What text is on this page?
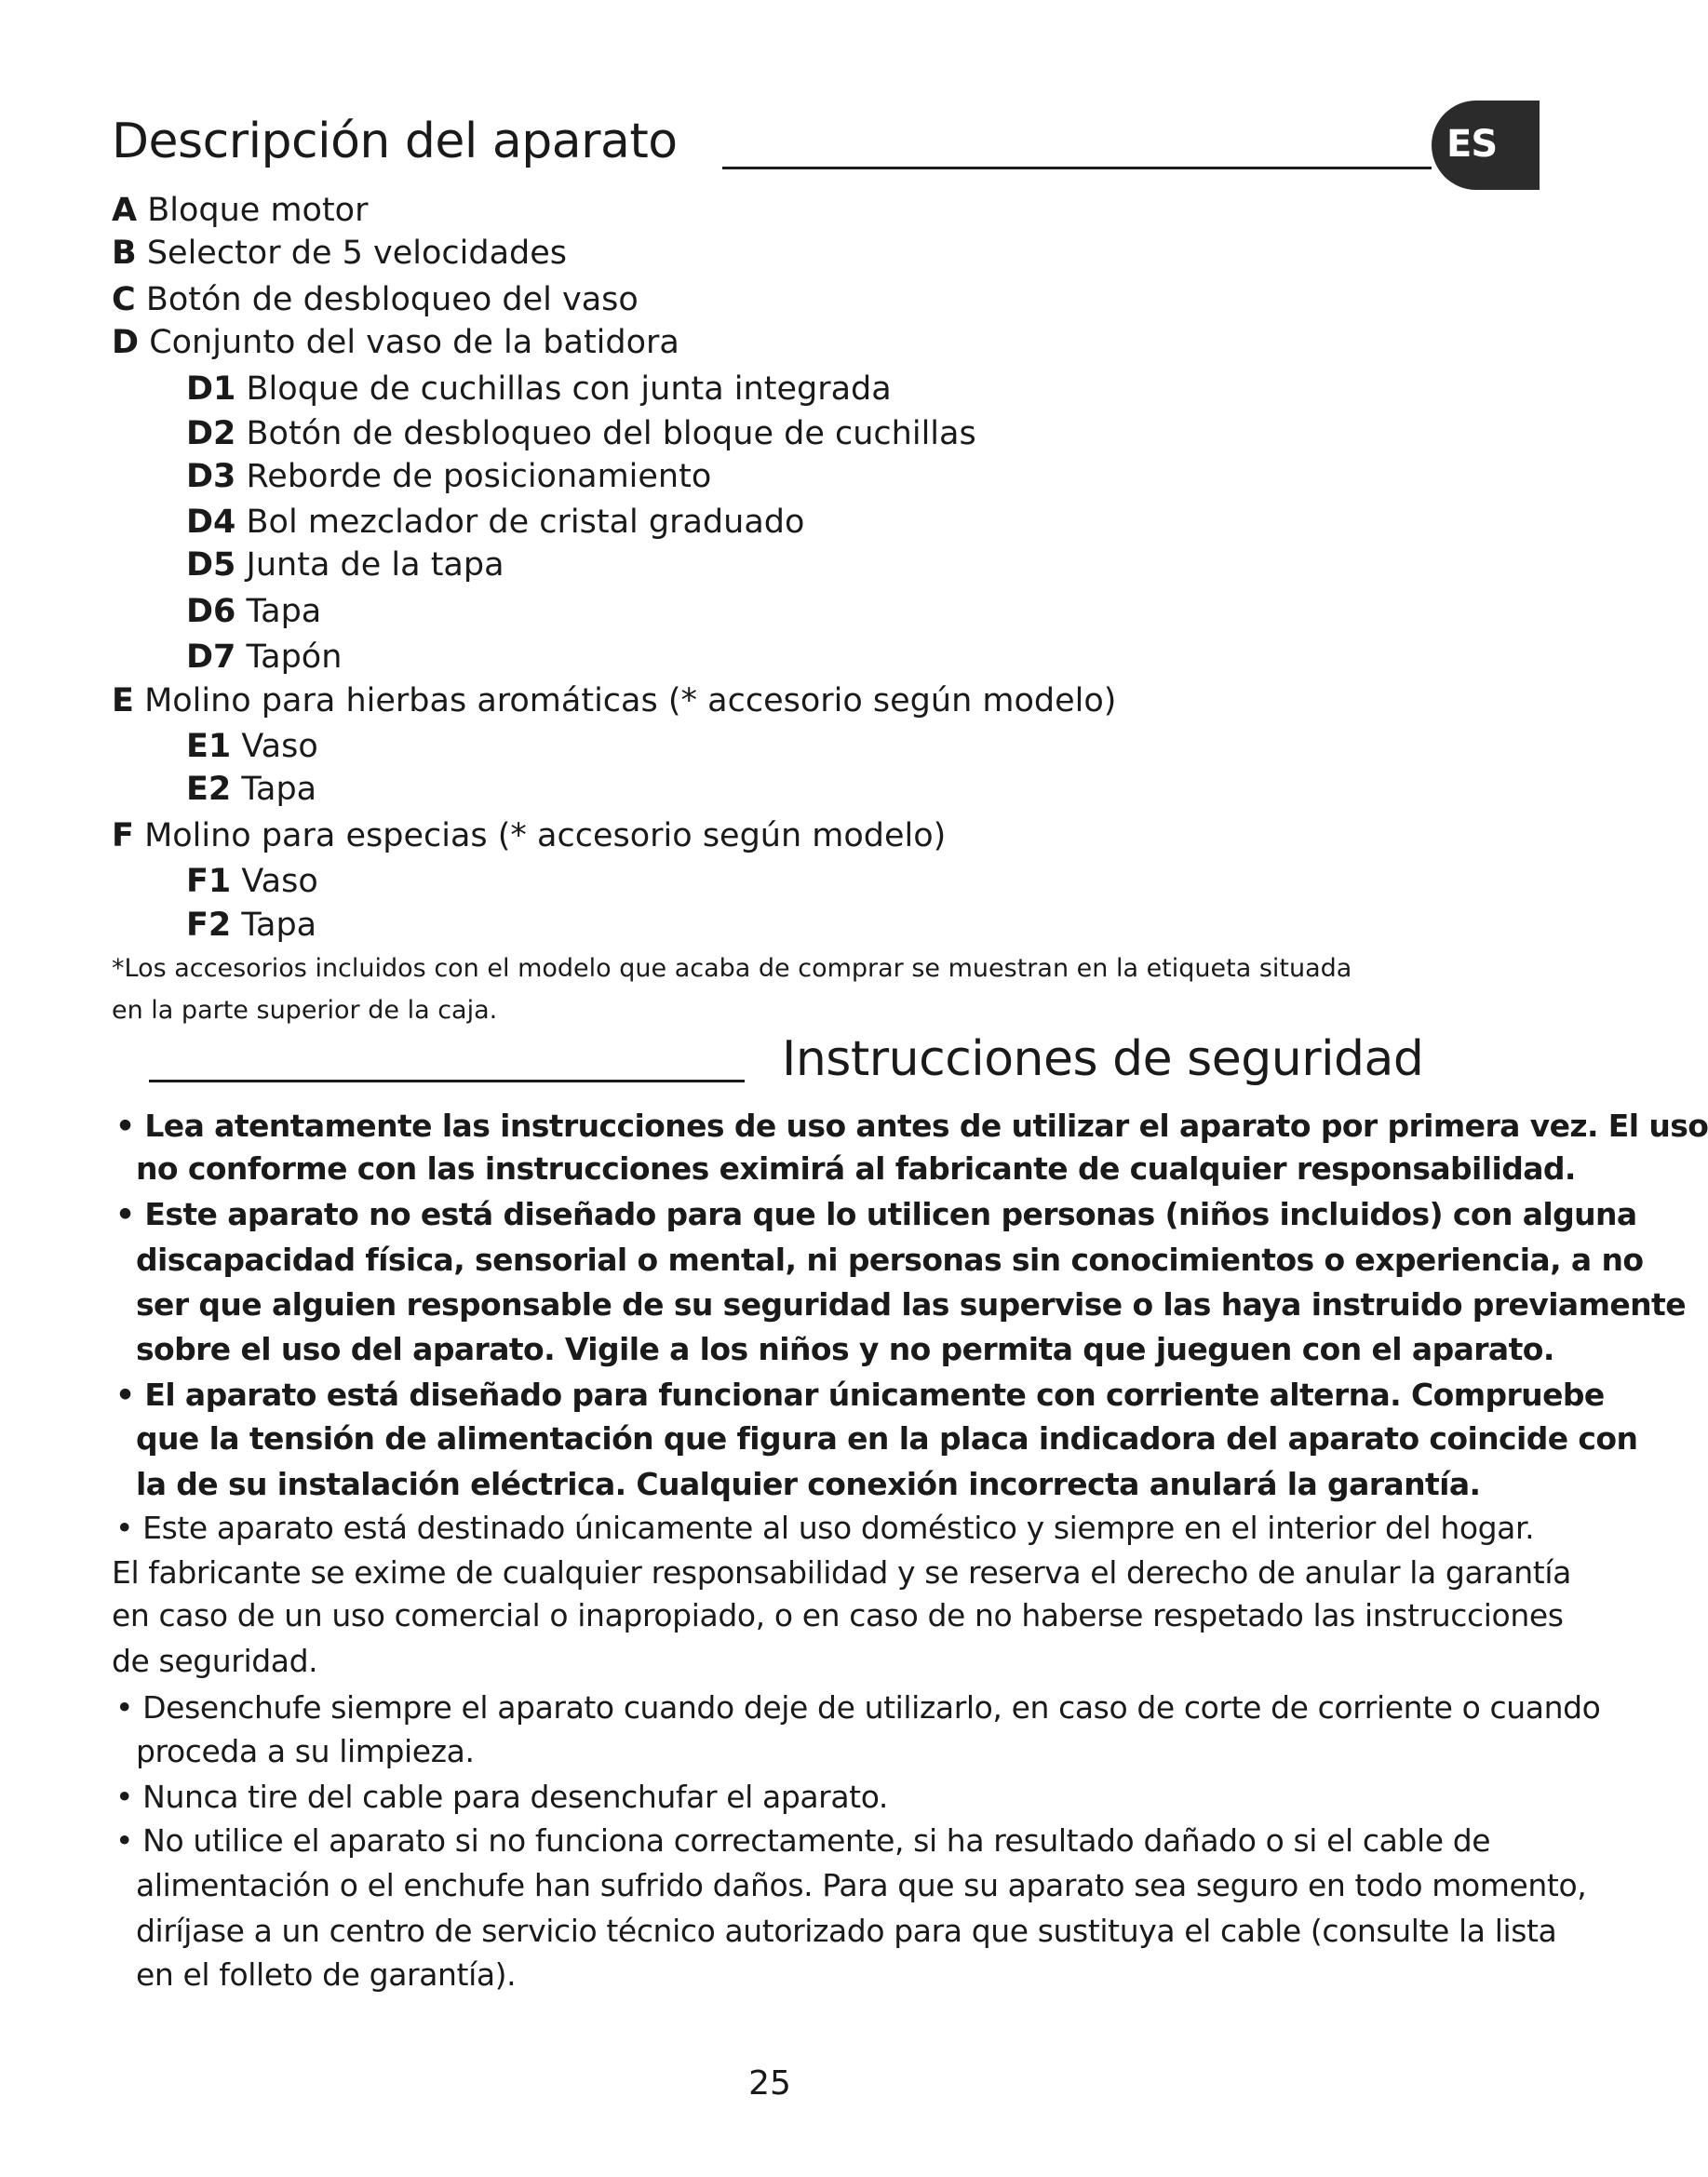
Descripción del aparato	ES
A Bloque motor
B Selector de 5 velocidades
C Botón de desbloqueo del vaso
D Conjunto del vaso de la batidora
D1 Bloque de cuchillas con junta integrada
D2 Botón de desbloqueo del bloque de cuchillas
D3 Reborde de posicionamiento
D4 Bol mezclador de cristal graduado
D5 Junta de la tapa
D6 Tapa
D7 Tapón
E Molino para hierbas aromáticas (* accesorio según modelo)
E1 Vaso
E2 Tapa
F Molino para especias (* accesorio según modelo)
F1 Vaso
F2 Tapa
*Los accesorios incluidos con el modelo que acaba de comprar se muestran en la etiqueta situada
en la parte superior de la caja.
Instrucciones de seguridad
• Lea atentamente las instrucciones de uso antes de utilizar el aparato por primera vez. El uso
no conforme con las instrucciones eximirá al fabricante de cualquier responsabilidad.
• Este aparato no está diseñado para que lo utilicen personas (niños incluidos) con alguna
discapacidad física, sensorial o mental, ni personas sin conocimientos o experiencia, a no
ser que alguien responsable de su seguridad las supervise o las haya instruido previamente
sobre el uso del aparato. Vigile a los niños y no permita que jueguen con el aparato.
• El aparato está diseñado para funcionar únicamente con corriente alterna. Compruebe
que la tensión de alimentación que figura en la placa indicadora del aparato coincide con
la de su instalación eléctrica. Cualquier conexión incorrecta anulará la garantía.
• Este aparato está destinado únicamente al uso doméstico y siempre en el interior del hogar.
El fabricante se exime de cualquier responsabilidad y se reserva el derecho de anular la garantía
en caso de un uso comercial o inapropiado, o en caso de no haberse respetado las instrucciones
de seguridad.
• Desenchufe siempre el aparato cuando deje de utilizarlo, en caso de corte de corriente o cuando
proceda a su limpieza.
• Nunca tire del cable para desenchufar el aparato.
• No utilice el aparato si no funciona correctamente, si ha resultado dañado o si el cable de
alimentación o el enchufe han sufrido daños. Para que su aparato sea seguro en todo momento,
diríjase a un centro de servicio técnico autorizado para que sustituya el cable (consulte la lista
en el folleto de garantía).
25
